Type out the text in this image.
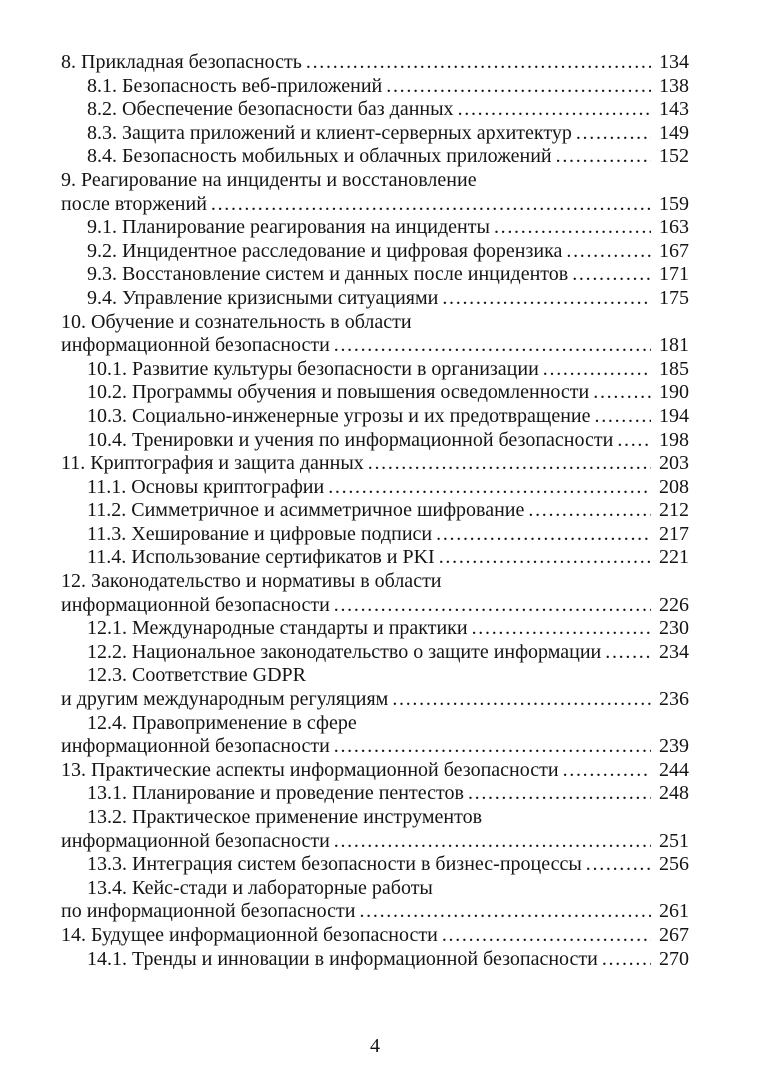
8. Прикладная безопасность .....	134
8.1. Безопасность веб-приложений .....	138
8.2. Обеспечение безопасности баз данных .....	143
8.3. Защита приложений и клиент-серверных архитектур .....	149
8.4. Безопасность мобильных и облачных приложений .....	152
9. Реагирование на инциденты и восстановление
после вторжений .....	159
9.1. Планирование реагирования на инциденты .....	163
9.2. Инцидентное расследование и цифровая форензика .....	167
9.3. Восстановление систем и данных после инцидентов .....	171
9.4. Управление кризисными ситуациями .....	175
10. Обучение и сознательность в области
информационной безопасности .....	181
10.1. Развитие культуры безопасности в организации .....	185
10.2. Программы обучения и повышения осведомленности .....	190
10.3. Социально-инженерные угрозы и их предотвращение .....	194
10.4. Тренировки и учения по информационной безопасности ..... 198
11. Криптография и защита данных .....	203
11.1. Основы криптографии .....	208
11.2. Симметричное и асимметричное шифрование .....	212
11.3. Хеширование и цифровые подписи .....	217
11.4. Использование сертификатов и PKI .....	221
12. Законодательство и нормативы в области
информационной безопасности .....	226
12.1. Международные стандарты и практики .....	230
12.2. Национальное законодательство о защите информации .....	234
12.3. Соответствие GDPR
и другим международным регуляциям .....	236
12.4. Правоприменение в сфере
информационной безопасности .....	239
13. Практические аспекты информационной безопасности .....	244
13.1. Планирование и проведение пентестов .....	248
13.2. Практическое применение инструментов
информационной безопасности .....	251
13.3. Интеграция систем безопасности в бизнес-процессы .....	256
13.4. Кейс-стади и лабораторные работы
по информационной безопасности .....	261
14. Будущее информационной безопасности .....	267
14.1. Тренды и инновации в информационной безопасности .....	270
4
